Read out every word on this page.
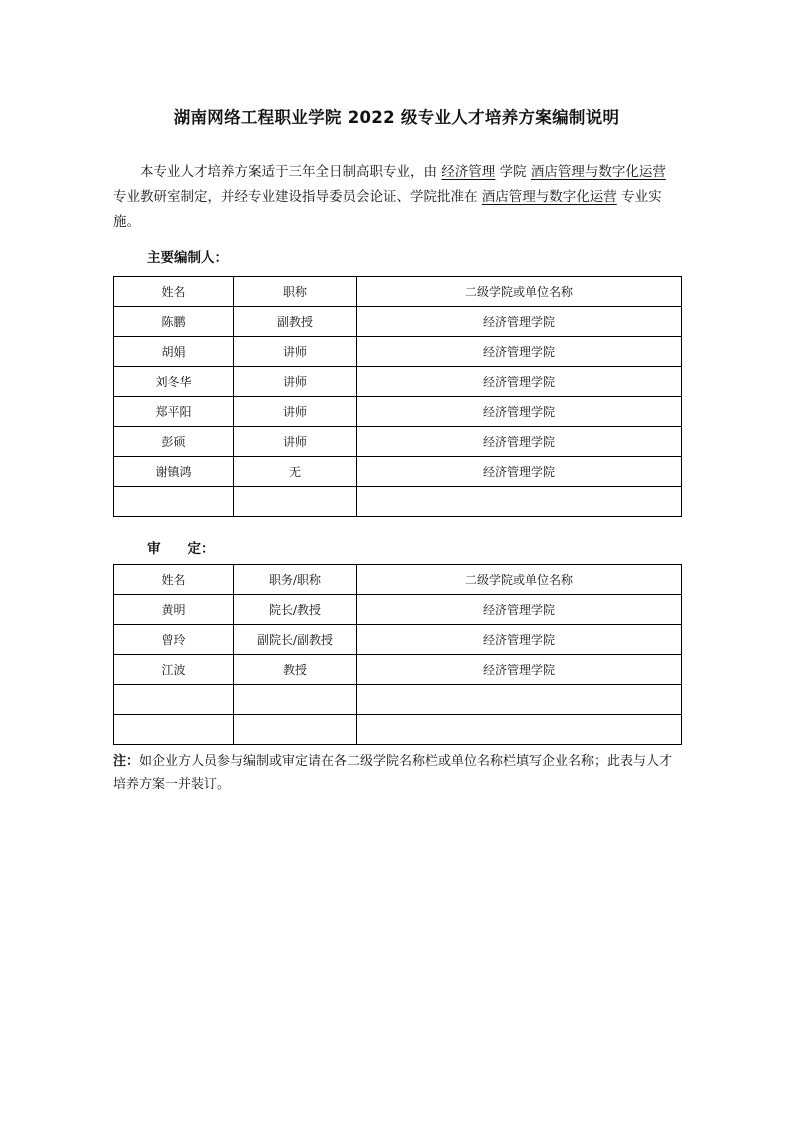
湖南网络工程职业学院 2022 级专业人才培养方案编制说明

本专业人才培养方案适于三年全日制高职专业，由 经济管理 学院 酒店管理与数字化运营 专业教研室制定，并经专业建设指导委员会论证、学院批准在 酒店管理与数字化运营 专业实施。

主要编制人：
姓名	职称	二级学院或单位名称
陈鹏	副教授	经济管理学院
胡娟	讲师	经济管理学院
刘冬华	讲师	经济管理学院
郑平阳	讲师	经济管理学院
彭硕	讲师	经济管理学院
谢镇鸿	无	经济管理学院

审　　定：
姓名	职务/职称	二级学院或单位名称
黄明	院长/教授	经济管理学院
曾玲	副院长/副教授	经济管理学院
江波	教授	经济管理学院

注：如企业方人员参与编制或审定请在各二级学院名称栏或单位名称栏填写企业名称；此表与人才培养方案一并装订。
